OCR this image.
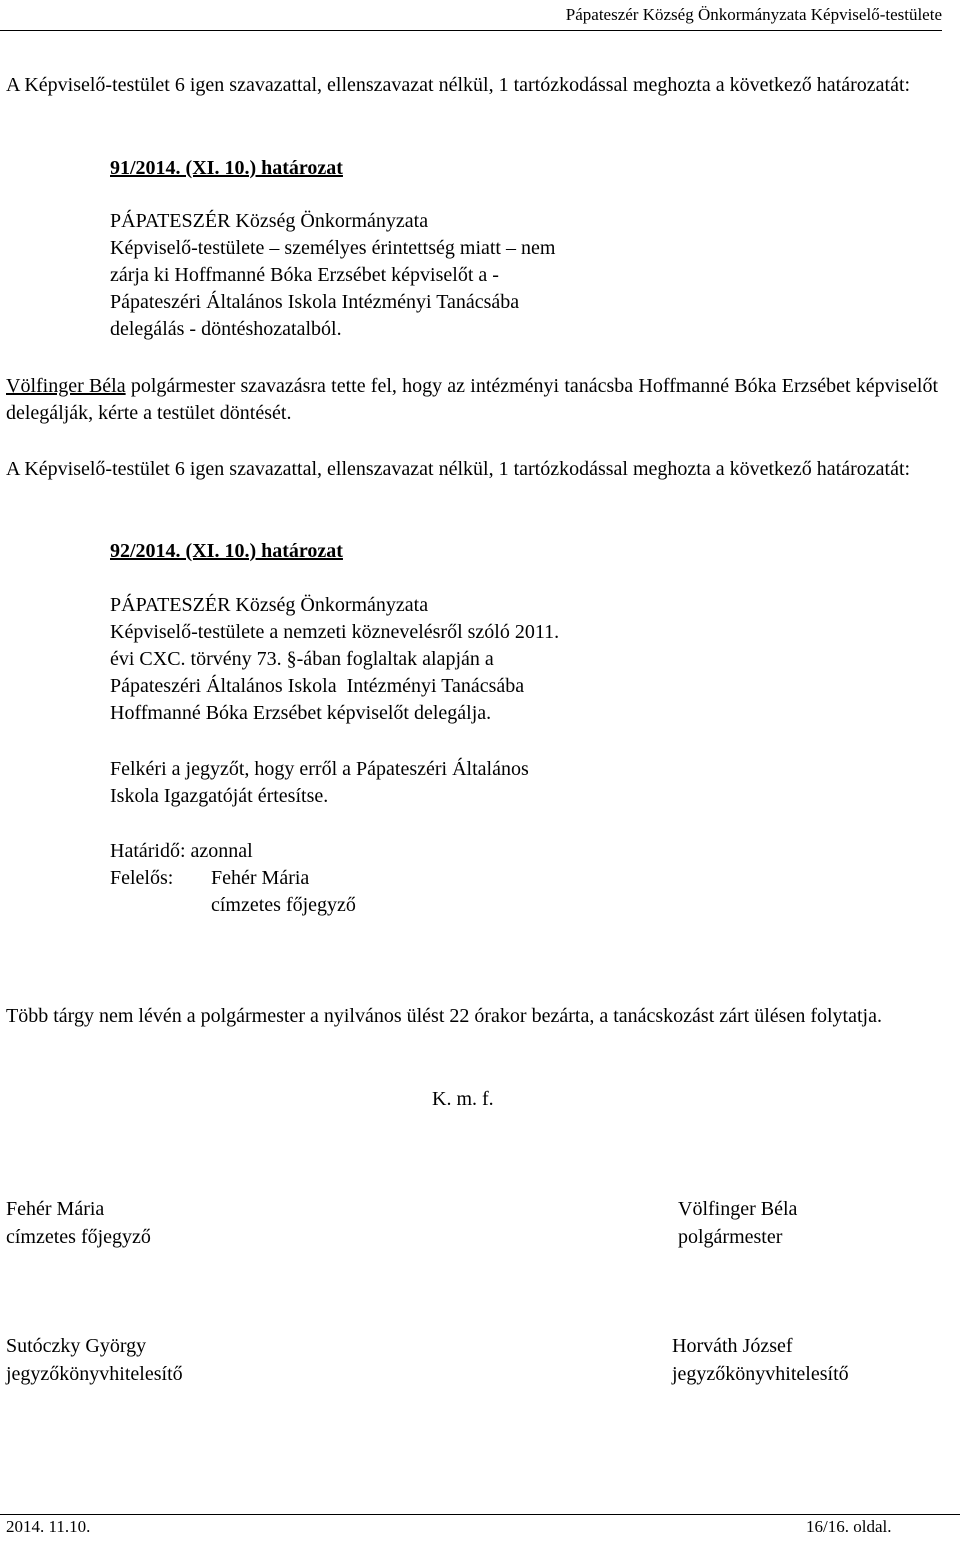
Pápateszér Község Önkormányzata Képviselő-testülete
A Képviselő-testület 6 igen szavazattal, ellenszavazat nélkül, 1 tartózkodással meghozta a következő határozatát:
91/2014. (XI. 10.) határozat
PÁPATESZÉR Község Önkormányzata
Képviselő-testülete – személyes érintettség miatt – nem
zárja ki Hoffmanné Bóka Erzsébet képviselőt a -
Pápateszéri Általános Iskola Intézményi Tanácsába
delegálás - döntéshozatalból.
Völfinger Béla polgármester szavazásra tette fel, hogy az intézményi tanácsba Hoffmanné Bóka Erzsébet képviselőt delegálják, kérte a testület döntését.
A Képviselő-testület 6 igen szavazattal, ellenszavazat nélkül, 1 tartózkodással meghozta a következő határozatát:
92/2014. (XI. 10.) határozat
PÁPATESZÉR Község Önkormányzata
Képviselő-testülete a nemzeti köznevelésről szóló 2011.
évi CXC. törvény 73. §-ában foglaltak alapján a
Pápateszéri Általános Iskola  Intézményi Tanácsába
Hoffmanné Bóka Erzsébet képviselőt delegálja.
Felkéri a jegyzőt, hogy erről a Pápateszéri Általános
Iskola Igazgatóját értesítse.
Határidő: azonnal
Felelős: Fehér Mária
címzetes főjegyző
Több tárgy nem lévén a polgármester a nyilvános ülést 22 órakor bezárta, a tanácskozást zárt ülésen folytatja.
K. m. f.
Fehér Mária
címzetes főjegyző
Völfinger Béla
polgármester
Sutóczky György
jegyzőkönyvhitelesítő
Horváth József
jegyzőkönyvhitelesítő
2014. 11.10.	16/16. oldal.
